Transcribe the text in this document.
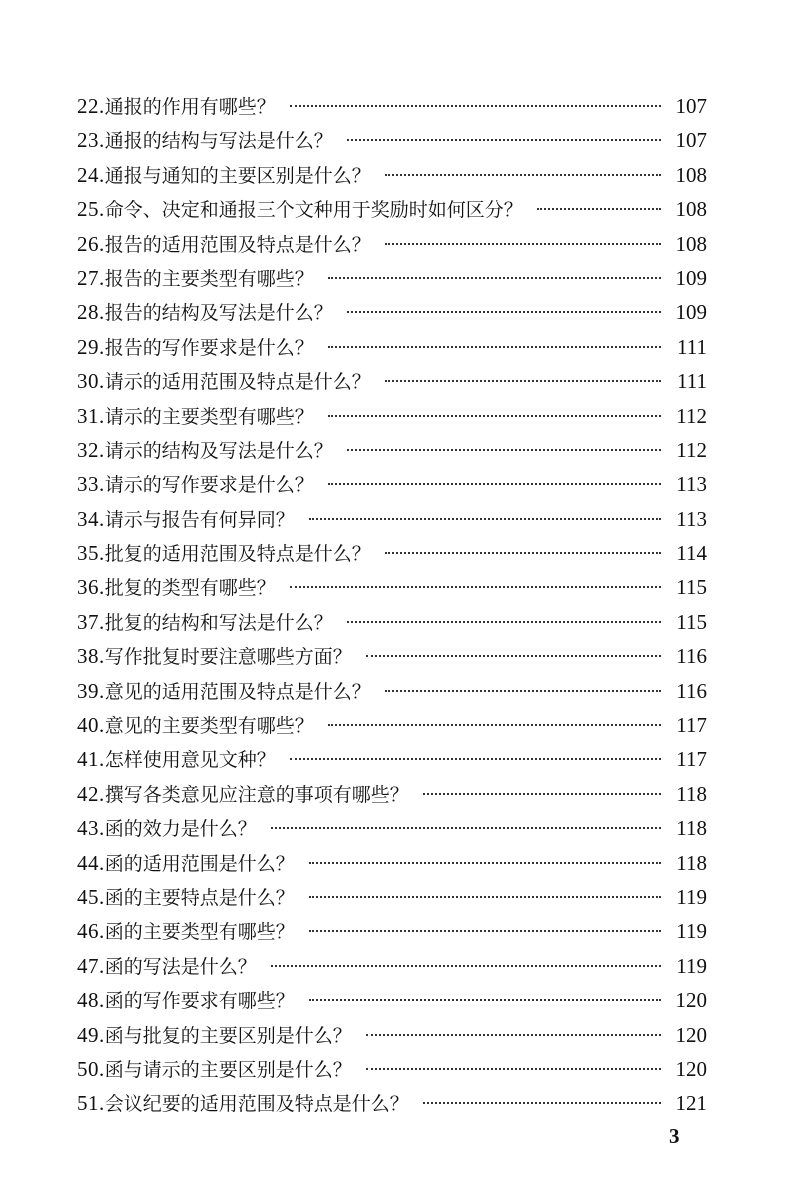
22. 通报的作用有哪些？	107
23. 通报的结构与写法是什么？	107
24. 通报与通知的主要区别是什么？	108
25. 命令、决定和通报三个文种用于奖励时如何区分？	108
26. 报告的适用范围及特点是什么？	108
27. 报告的主要类型有哪些？	109
28. 报告的结构及写法是什么？	109
29. 报告的写作要求是什么？	111
30. 请示的适用范围及特点是什么？	111
31. 请示的主要类型有哪些？	112
32. 请示的结构及写法是什么？	112
33. 请示的写作要求是什么？	113
34. 请示与报告有何异同？	113
35. 批复的适用范围及特点是什么？	114
36. 批复的类型有哪些？	115
37. 批复的结构和写法是什么？	115
38. 写作批复时要注意哪些方面？	116
39. 意见的适用范围及特点是什么？	116
40. 意见的主要类型有哪些？	117
41. 怎样使用意见文种？	117
42. 撰写各类意见应注意的事项有哪些？	118
43. 函的效力是什么？	118
44. 函的适用范围是什么？	118
45. 函的主要特点是什么？	119
46. 函的主要类型有哪些？	119
47. 函的写法是什么？	119
48. 函的写作要求有哪些？	120
49. 函与批复的主要区别是什么？	120
50. 函与请示的主要区别是什么？	120
51. 会议纪要的适用范围及特点是什么？	121
3
